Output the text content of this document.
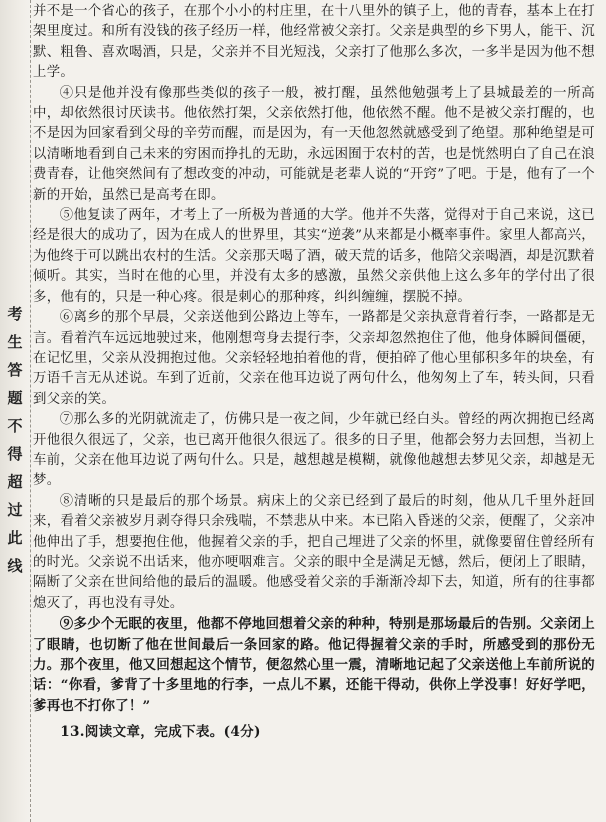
考
生
答
题
不
得
超
过
此
线

并不是一个省心的孩子，在那个小小的村庄里，在十八里外的镇子上，他的青春，基本上在打架里度过。和所有没钱的孩子经历一样，他经常被父亲打。父亲是典型的乡下男人，能干、沉默、粗鲁、喜欢喝酒，只是，父亲并不目光短浅，父亲打了他那么多次，一多半是因为他不想上学。

④只是他并没有像那些类似的孩子一般，被打醒，虽然他勉强考上了县城最差的一所高中，却依然很讨厌读书。他依然打架，父亲依然打他，他依然不醒。他不是被父亲打醒的，也不是因为回家看到父母的辛劳而醒，而是因为，有一天他忽然就感受到了绝望。那种绝望是可以清晰地看到自己未来的穷困而挣扎的无助，永远困囿于农村的苦，也是恍然明白了自己在浪费青春，让他突然间有了想改变的冲动，可能就是老辈人说的“开窍”了吧。于是，他有了一个新的开始，虽然已是高考在即。

⑤他复读了两年，才考上了一所极为普通的大学。他并不失落，觉得对于自己来说，这已经是很大的成功了，因为在成人的世界里，其实“逆袭”从来都是小概率事件。家里人都高兴，为他终于可以跳出农村的生活。父亲那天喝了酒，破天荒的话多，他陪父亲喝酒，却是沉默着倾听。其实，当时在他的心里，并没有太多的感激，虽然父亲供他上这么多年的学付出了很多，他有的，只是一种心疼。很是刺心的那种疼，纠纠缠缠，摆脱不掉。

⑥离乡的那个早晨，父亲送他到公路边上等车，一路都是父亲执意背着行李，一路都是无言。看着汽车远远地驶过来，他刚想弯身去提行李，父亲却忽然抱住了他，他身体瞬间僵硬，在记忆里，父亲从没拥抱过他。父亲轻轻地拍着他的背，便拍碎了他心里郁积多年的块垒，有万语千言无从述说。车到了近前，父亲在他耳边说了两句什么，他匆匆上了车，转头间，只看到父亲的笑。

⑦那么多的光阴就流走了，仿佛只是一夜之间，少年就已经白头。曾经的两次拥抱已经离开他很久很远了，父亲，也已离开他很久很远了。很多的日子里，他都会努力去回想，当初上车前，父亲在他耳边说了两句什么。只是，越想越是模糊，就像他越想去梦见父亲，却越是无梦。

⑧清晰的只是最后的那个场景。病床上的父亲已经到了最后的时刻，他从几千里外赶回来，看着父亲被岁月剥夺得只余残喘，不禁悲从中来。本已陷入昏迷的父亲，便醒了，父亲冲他伸出了手，想要抱住他，他握着父亲的手，把自己埋进了父亲的怀里，就像要留住曾经所有的时光。父亲说不出话来，他亦哽咽难言。父亲的眼中全是满足无憾，然后，便闭上了眼睛，隔断了父亲在世间给他的最后的温暖。他感受着父亲的手渐渐冷却下去，知道，所有的往事都熄灭了，再也没有寻处。

⑨多少个无眠的夜里，他都不停地回想着父亲的种种，特别是那场最后的告别。父亲闭上了眼睛，也切断了他在世间最后一条回家的路。他记得握着父亲的手时，所感受到的那份无力。那个夜里，他又回想起这个情节，便忽然心里一震，清晰地记起了父亲送他上车前所说的话：“你看，爹背了十多里地的行李，一点儿不累，还能干得动，供你上学没事！好好学吧，爹再也不打你了！”

13.阅读文章，完成下表。(4分)
